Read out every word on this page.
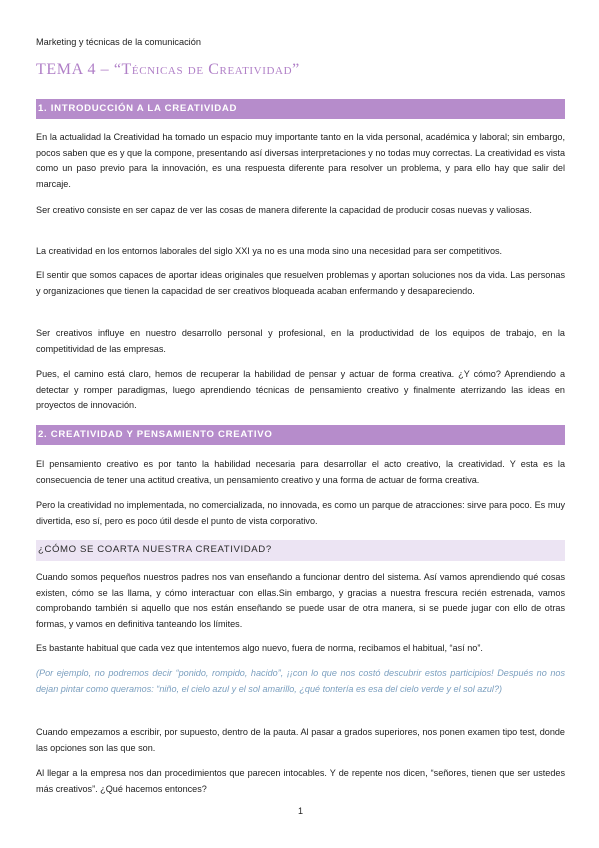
Marketing y técnicas de la comunicación
TEMA 4 – “Técnicas de Creatividad”
1. INTRODUCCIÓN A LA CREATIVIDAD

En la actualidad la Creatividad ha tomado un espacio muy importante tanto en la vida personal, académica y laboral; sin embargo, pocos saben que es y que la compone, presentando así diversas interpretaciones y no todas muy correctas. La creatividad es vista como un paso previo para la innovación, es una respuesta diferente para resolver un problema, y para ello hay que salir del marcaje.

Ser creativo consiste en ser capaz de ver las cosas de manera diferente la capacidad de producir cosas nuevas y valiosas.

La creatividad en los entornos laborales del siglo XXI ya no es una moda sino una necesidad para ser competitivos.

El sentir que somos capaces de aportar ideas originales que resuelven problemas y aportan soluciones nos da vida. Las personas y organizaciones que tienen la capacidad de ser creativos bloqueada acaban enfermando y desapareciendo.

Ser creativos influye en nuestro desarrollo personal y profesional, en la productividad de los equipos de trabajo, en la competitividad de las empresas.

Pues, el camino está claro, hemos de recuperar la habilidad de pensar y actuar de forma creativa. ¿Y cómo? Aprendiendo a detectar y romper paradigmas, luego aprendiendo técnicas de pensamiento creativo y finalmente aterrizando las ideas en proyectos de innovación.

2. CREATIVIDAD Y PENSAMIENTO CREATIVO

El pensamiento creativo es por tanto la habilidad necesaria para desarrollar el acto creativo, la creatividad. Y esta es la consecuencia de tener una actitud creativa, un pensamiento creativo y una forma de actuar de forma creativa.

Pero la creatividad no implementada, no comercializada, no innovada, es como un parque de atracciones: sirve para poco. Es muy divertida, eso sí, pero es poco útil desde el punto de vista corporativo.

¿CÓMO SE COARTA NUESTRA CREATIVIDAD?

Cuando somos pequeños nuestros padres nos van enseñando a funcionar dentro del sistema. Así vamos aprendiendo qué cosas existen, cómo se las llama, y cómo interactuar con ellas.Sin embargo, y gracias a nuestra frescura recién estrenada, vamos comprobando también si aquello que nos están enseñando se puede usar de otra manera, si se puede jugar con ello de otras formas, y vamos en definitiva tanteando los límites.

Es bastante habitual que cada vez que intentemos algo nuevo, fuera de norma, recibamos el habitual, “así no”.

(Por ejemplo, no podremos decir “ponido, rompido, hacido”, ¡¡con lo que nos costó descubrir estos participios! Después no nos dejan pintar como queramos: “niño, el cielo azul y el sol amarillo, ¿qué tontería es esa del cielo verde y el sol azul?)

Cuando empezamos a escribir, por supuesto, dentro de la pauta. Al pasar a grados superiores, nos ponen examen tipo test, donde las opciones son las que son.

Al llegar a la empresa nos dan procedimientos que parecen intocables. Y de repente nos dicen, “señores, tienen que ser ustedes más creativos”. ¿Qué hacemos entonces?

1
